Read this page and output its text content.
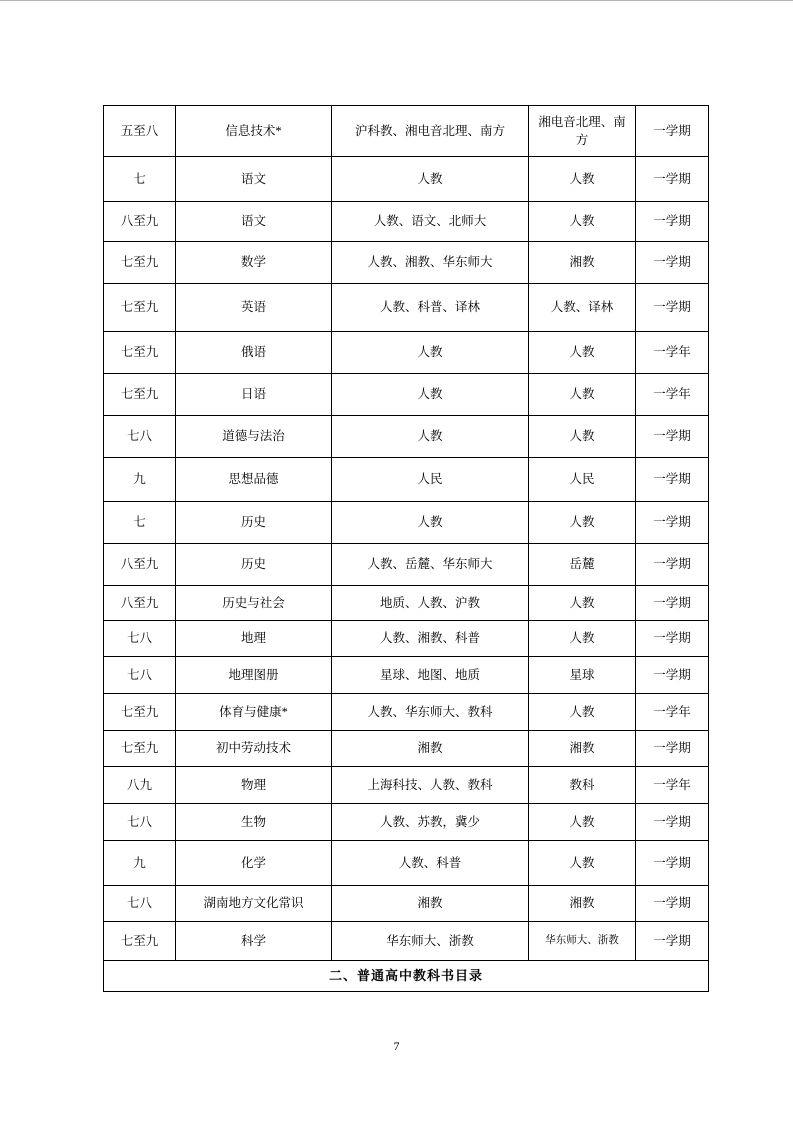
五至八	信息技术*	沪科教、湘电音北理、南方	湘电音北理、南方	一学期
七	语文	人教	人教	一学期
八至九	语文	人教、语文、北师大	人教	一学期
七至九	数学	人教、湘教、华东师大	湘教	一学期
七至九	英语	人教、科普、译林	人教、译林	一学期
七至九	俄语	人教	人教	一学年
七至九	日语	人教	人教	一学年
七八	道德与法治	人教	人教	一学期
九	思想品德	人民	人民	一学期
七	历史	人教	人教	一学期
八至九	历史	人教、岳麓、华东师大	岳麓	一学期
八至九	历史与社会	地质、人教、沪教	人教	一学期
七八	地理	人教、湘教、科普	人教	一学期
七八	地理图册	星球、地图、地质	星球	一学期
七至九	体育与健康*	人教、华东师大、教科	人教	一学年
七至九	初中劳动技术	湘教	湘教	一学期
八九	物理	上海科技、人教、教科	教科	一学年
七八	生物	人教、苏教，冀少	人教	一学期
九	化学	人教、科普	人教	一学期
七八	湖南地方文化常识	湘教	湘教	一学期
七至九	科学	华东师大、浙教	华东师大、浙教	一学期
二、普通高中教科书目录				
7
